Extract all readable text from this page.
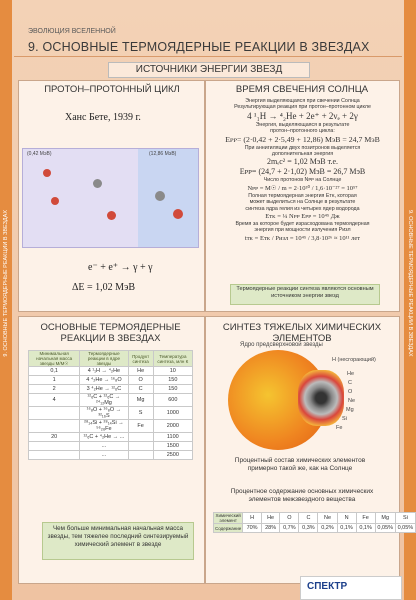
9. ОСНОВНЫЕ ТЕРМОЯДЕРНЫЕ РЕАКЦИИ В ЗВЕЗДАХ	9. ОСНОВНЫЕ ТЕРМОЯДЕРНЫЕ РЕАКЦИИ В ЗВЕЗДАХ
ЭВОЛЮЦИЯ ВСЕЛЕННОЙ
9. ОСНОВНЫЕ ТЕРМОЯДЕРНЫЕ РЕАКЦИИ В ЗВЕЗДАХ
ИСТОЧНИКИ ЭНЕРГИИ ЗВЕЗД
ПРОТОН–ПРОТОННЫЙ ЦИКЛ
Ханс Бете, 1939 г.
(0,42 МэВ)	(12,86 МэВ)
e⁻ + e⁺ → γ + γ
ΔE = 1,02 МэВ
ВРЕМЯ СВЕЧЕНИЯ СОЛНЦА
Энергия выделяющаяся при свечении Солнца
Результирующая реакция при протон–протонном цикле
4 ¹₁H → ⁴₂He + 2e⁺ + 2νₑ + 2γ
Энергия, выделяющаяся в результате
протон–протонного цикла:
Eᴘᴘ= (2·0,42 + 2·5,49 + 12,86) МэВ = 24,7 МэВ
При аннигиляции двух позитронов выделяется
дополнительная энергия
2mₑc² = 1,02 МэВ т.е.
Eᴘᴘ= (24,7 + 2·1,02) МэВ = 26,7 МэВ
Число протонов Nᴘᴘ на Солнце
Nᴘᴘ = M☉ / m = 2·10³⁰ / 1,6·10⁻²⁷ = 10⁵⁷
Полная термоядерная энергия Eᴛᴋ, которая
может выделиться на Солнце в результате
синтеза ядра гелия из четырех ядер водорода
Eᴛᴋ = ¼ Nᴘᴘ Eᴘᴘ = 10⁴⁵ Дж
Время за которое будет израсходована термоядерная
энергия при мощности излучения Pизл
tᴛᴋ = Eᴛᴋ / Pизл = 10⁴⁵ / 3,8·10²⁶ ≈ 10¹¹ лет
Термоядерные реакции синтеза являются основным источником энергии звезд
ОСНОВНЫЕ ТЕРМОЯДЕРНЫЕ РЕАКЦИИ В ЗВЕЗДАХ
Минимальная начальная масса звезды M/M☉	Термоядерные реакции в ядре звезды	Продукт синтеза	Температура синтеза, млн К
0,1	4 ¹₁H → ⁴₂He	He	10
1	4 ⁴₂He → ¹⁶₈O	O	150
2	3 ⁴₂He → ¹²₆C	C	150
4	¹²₆C + ¹²₆C → ²⁴₁₂Mg	Mg	600
	¹⁶₈O + ¹⁶₈O → ³²₁₆S	S	1000
	²⁸₁₄Si + ²⁸₁₄Si → ⁵⁶₂₆Fe	Fe	2000
20	¹²₆C + ⁴₂He → ...		1100
	...		1500
	...		2500
Чем больше минимальная начальная масса звезды, тем тяжелее последний синтезируемый химический элемент в звезде
СИНТЕЗ ТЯЖЕЛЫХ ХИМИЧЕСКИХ ЭЛЕМЕНТОВ
Ядро предсверхновой звезды
H (несгорающий)
He
C
O
Ne
Mg
Si
Fe
Процентный состав химических элементов примерно такой же, как на Солнце
Процентное содержание основных химических элементов межзвездного вещества
Химический элемент	H	He	O	C	Ne	N	Fe	Mg	Si
Содержание	70%	28%	0,7%	0,3%	0,2%	0,1%	0,1%	0,05%	0,05%
СПЕКТР
